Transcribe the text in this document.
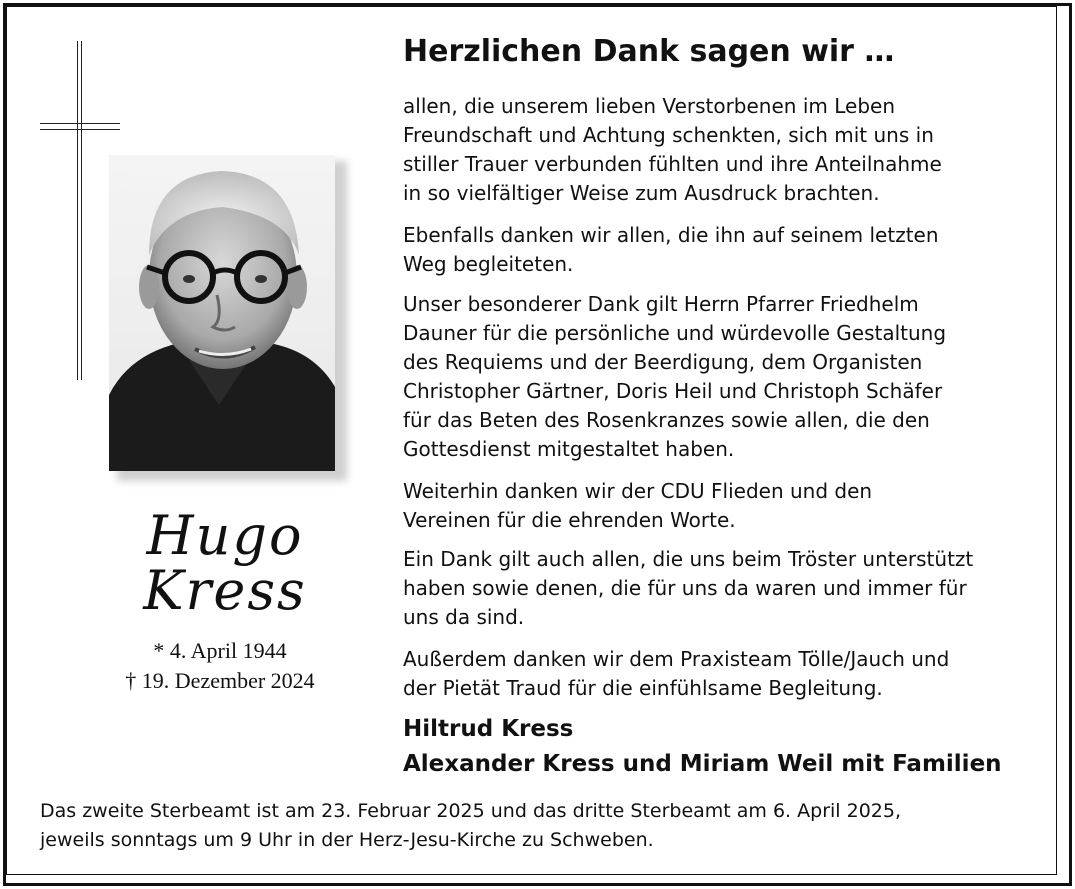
Hugo
Kress
* 4. April 1944
† 19. Dezember 2024
Herzlichen Dank sagen wir …
allen, die unserem lieben Verstorbenen im Leben
Freundschaft und Achtung schenkten, sich mit uns in
stiller Trauer verbunden fühlten und ihre Anteilnahme
in so vielfältiger Weise zum Ausdruck brachten.
Ebenfalls danken wir allen, die ihn auf seinem letzten
Weg begleiteten.
Unser besonderer Dank gilt Herrn Pfarrer Friedhelm
Dauner für die persönliche und würdevolle Gestaltung
des Requiems und der Beerdigung, dem Organisten
Christopher Gärtner, Doris Heil und Christoph Schäfer
für das Beten des Rosenkranzes sowie allen, die den
Gottesdienst mitgestaltet haben.
Weiterhin danken wir der CDU Flieden und den
Vereinen für die ehrenden Worte.
Ein Dank gilt auch allen, die uns beim Tröster unterstützt
haben sowie denen, die für uns da waren und immer für
uns da sind.
Außerdem danken wir dem Praxisteam Tölle/Jauch und
der Pietät Traud für die einfühlsame Begleitung.
Hiltrud Kress
Alexander Kress und Miriam Weil mit Familien
Das zweite Sterbeamt ist am 23. Februar 2025 und das dritte Sterbeamt am 6. April 2025,
jeweils sonntags um 9 Uhr in der Herz-Jesu-Kirche zu Schweben.
